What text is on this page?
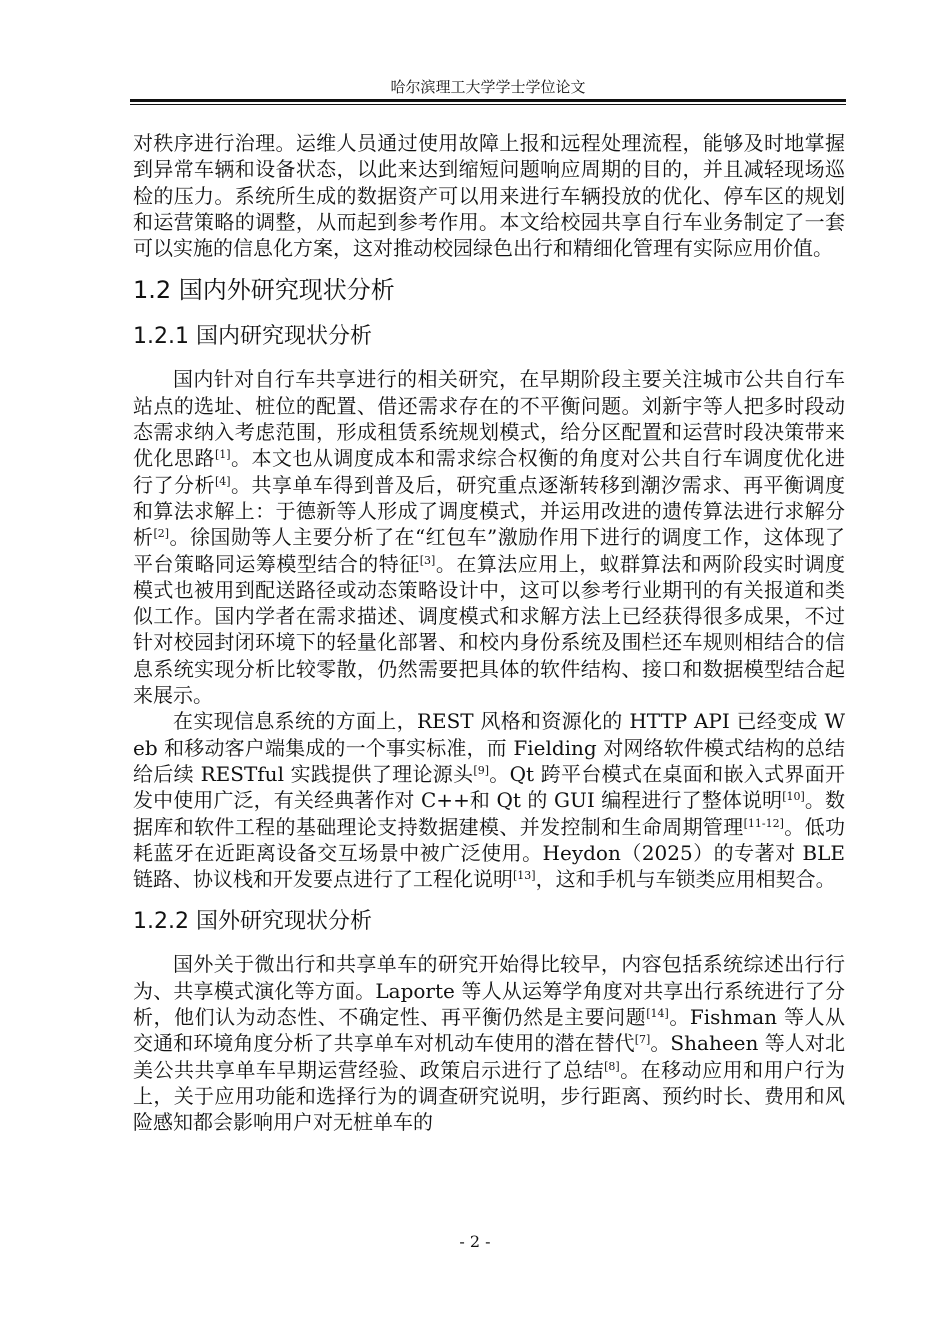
哈尔滨理工大学学士学位论文

对秩序进行治理。运维人员通过使用故障上报和远程处理流程，能够及时地掌握到异常车辆和设备状态，以此来达到缩短问题响应周期的目的，并且减轻现场巡检的压力。系统所生成的数据资产可以用来进行车辆投放的优化、停车区的规划和运营策略的调整，从而起到参考作用。本文给校园共享自行车业务制定了一套可以实施的信息化方案，这对推动校园绿色出行和精细化管理有实际应用价值。

1.2 国内外研究现状分析
1.2.1 国内研究现状分析

国内针对自行车共享进行的相关研究，在早期阶段主要关注城市公共自行车站点的选址、桩位的配置、借还需求存在的不平衡问题。刘新宇等人把多时段动态需求纳入考虑范围，形成租赁系统规划模式，给分区配置和运营时段决策带来优化思路[1]。本文也从调度成本和需求综合权衡的角度对公共自行车调度优化进行了分析[4]。共享单车得到普及后，研究重点逐渐转移到潮汐需求、再平衡调度和算法求解上：于德新等人形成了调度模式，并运用改进的遗传算法进行求解分析[2]。徐国勋等人主要分析了在“红包车”激励作用下进行的调度工作，这体现了平台策略同运筹模型结合的特征[3]。在算法应用上，蚁群算法和两阶段实时调度模式也被用到配送路径或动态策略设计中，这可以参考行业期刊的有关报道和类似工作。国内学者在需求描述、调度模式和求解方法上已经获得很多成果，不过针对校园封闭环境下的轻量化部署、和校内身份系统及围栏还车规则相结合的信息系统实现分析比较零散，仍然需要把具体的软件结构、接口和数据模型结合起来展示。

在实现信息系统的方面上，REST 风格和资源化的 HTTP API 已经变成 Web 和移动客户端集成的一个事实标准，而 Fielding 对网络软件模式结构的总结给后续 RESTful 实践提供了理论源头[9]。Qt 跨平台模式在桌面和嵌入式界面开发中使用广泛，有关经典著作对 C++和 Qt 的 GUI 编程进行了整体说明[10]。数据库和软件工程的基础理论支持数据建模、并发控制和生命周期管理[11-12]。低功耗蓝牙在近距离设备交互场景中被广泛使用。Heydon（2025）的专著对 BLE 链路、协议栈和开发要点进行了工程化说明[13]，这和手机与车锁类应用相契合。

1.2.2 国外研究现状分析

国外关于微出行和共享单车的研究开始得比较早，内容包括系统综述出行行为、共享模式演化等方面。Laporte 等人从运筹学角度对共享出行系统进行了分析，他们认为动态性、不确定性、再平衡仍然是主要问题[14]。Fishman 等人从交通和环境角度分析了共享单车对机动车使用的潜在替代[7]。Shaheen 等人对北美公共共享单车早期运营经验、政策启示进行了总结[8]。在移动应用和用户行为上，关于应用功能和选择行为的调查研究说明，步行距离、预约时长、费用和风险感知都会影响用户对无桩单车的

- 2 -
